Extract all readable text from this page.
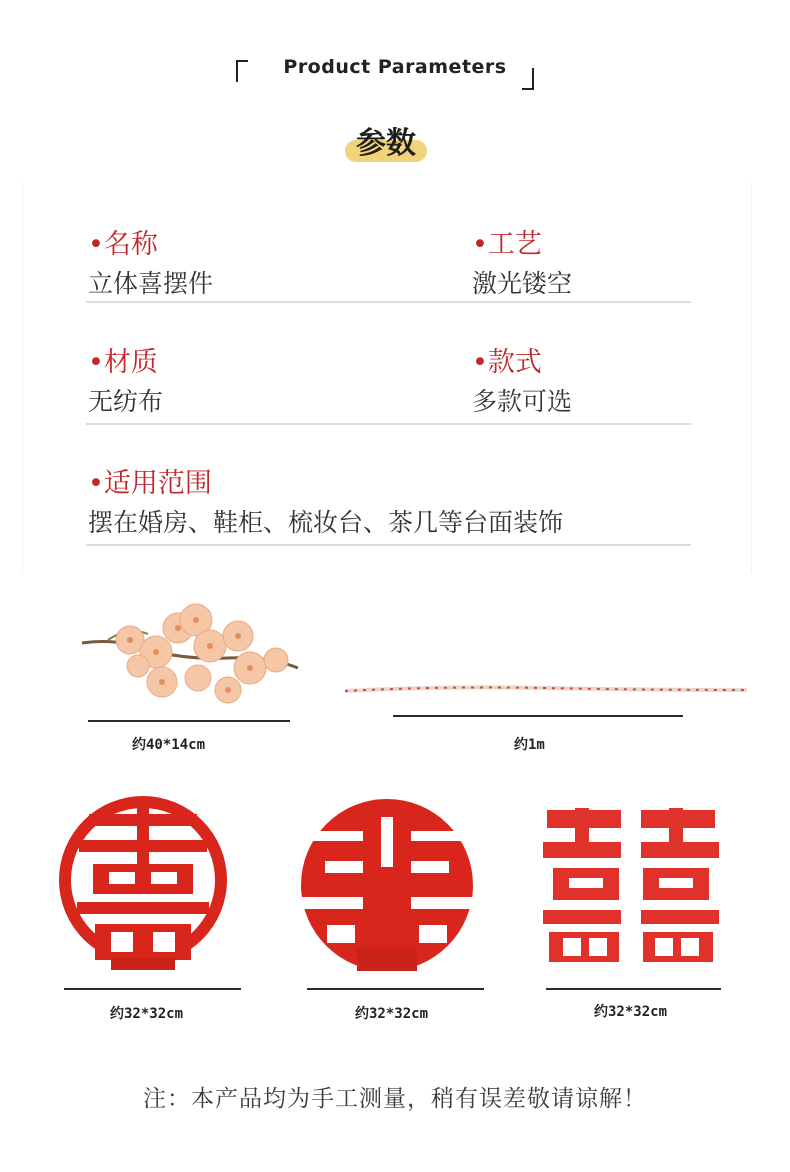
Product Parameters
参数
•名称
立体喜摆件
•工艺
激光镂空
•材质
无纺布
•款式
多款可选
•适用范围
摆在婚房、鞋柜、梳妆台、茶几等台面装饰
约40*14cm	约1m
约32*32cm	约32*32cm	约32*32cm
注：本产品均为手工测量，稍有误差敬请谅解！
